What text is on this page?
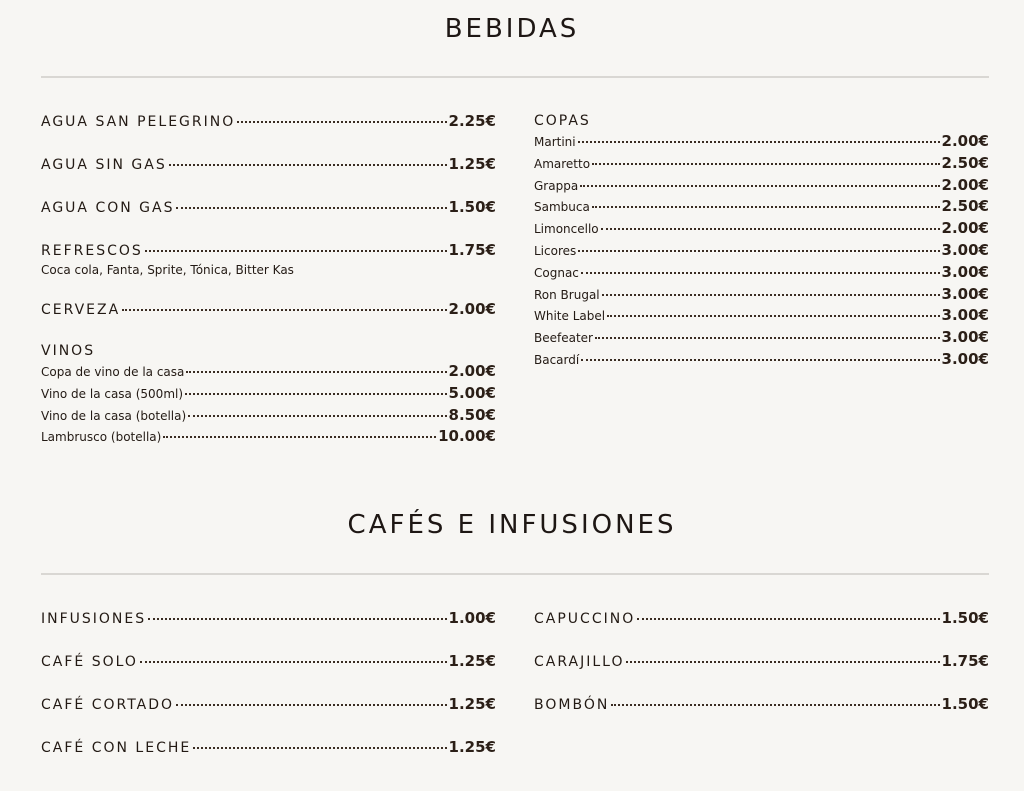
BEBIDAS
AGUA SAN PELEGRINO	2.25€
AGUA SIN GAS	1.25€
AGUA CON GAS	1.50€
REFRESCOS	1.75€
Coca cola, Fanta, Sprite, Tónica, Bitter Kas
CERVEZA	2.00€
VINOS
Copa de vino de la casa	2.00€
Vino de la casa (500ml)	5.00€
Vino de la casa (botella)	8.50€
Lambrusco (botella)	10.00€
COPAS
Martini	2.00€
Amaretto	2.50€
Grappa	2.00€
Sambuca	2.50€
Limoncello	2.00€
Licores	3.00€
Cognac	3.00€
Ron Brugal	3.00€
White Label	3.00€
Beefeater	3.00€
Bacardí	3.00€
CAFÉS E INFUSIONES
INFUSIONES	1.00€
CAFÉ SOLO	1.25€
CAFÉ CORTADO	1.25€
CAFÉ CON LECHE	1.25€
CAPUCCINO	1.50€
CARAJILLO	1.75€
BOMBÓN	1.50€
